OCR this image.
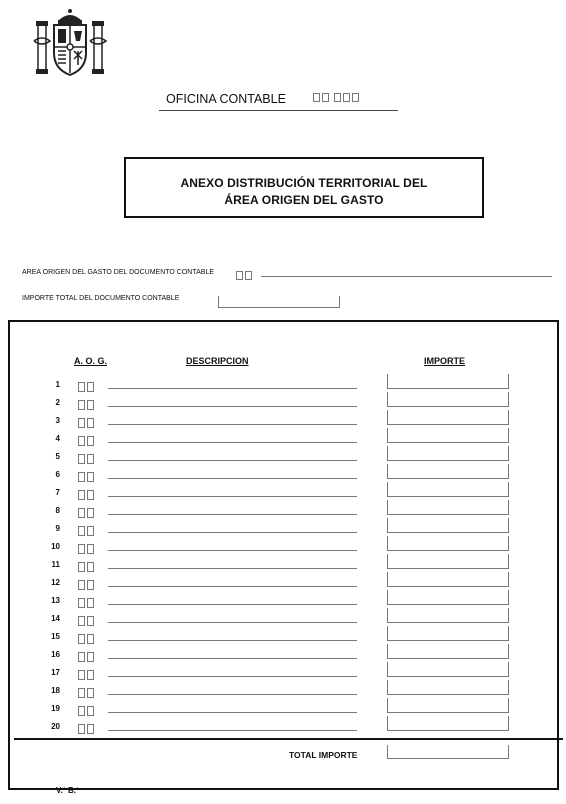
OFICINA CONTABLE
ANEXO DISTRIBUCIÓN TERRITORIAL DEL
ÁREA ORIGEN DEL GASTO
AREA ORIGEN DEL GASTO DEL DOCUMENTO CONTABLE
IMPORTE TOTAL DEL DOCUMENTO CONTABLE
A. O. G.	DESCRIPCION	IMPORTE
1
2
3
4
5
6
7
8
9
10
11
12
13
14
15
16
17
18
19
20
TOTAL IMPORTE
V.º B.º
